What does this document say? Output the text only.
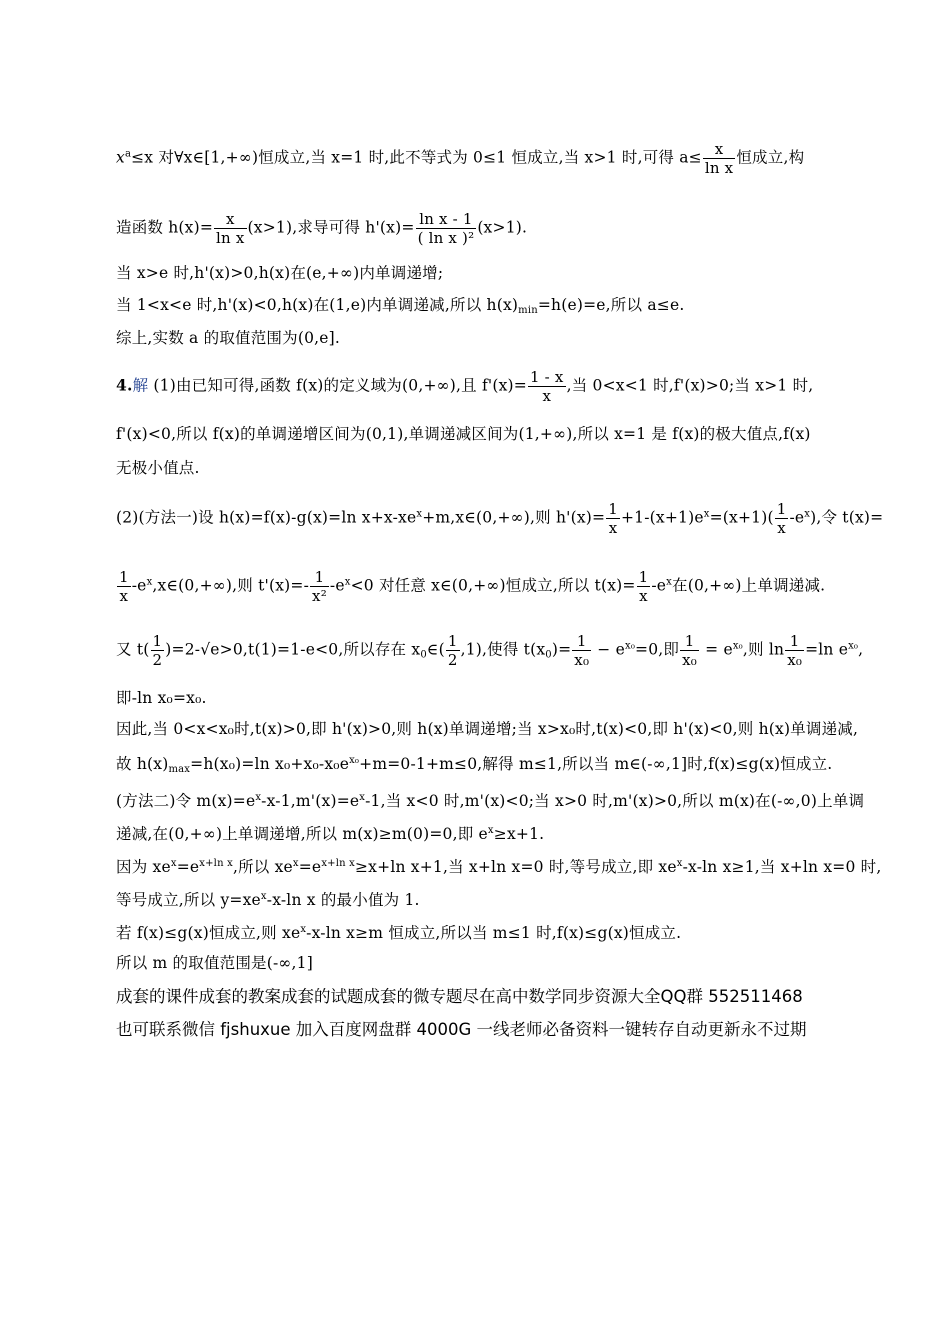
$x^a\le x$ 对∀x∈[1,+∞)恒成立,当 x=1 时,此不等式为 0≤1 恒成立,当 x>1 时,可得 $a\le \frac{x}{\text{ln x}}$ 恒成立,构
造函数 $h(x)= \frac{x}{\text{ln x}} (x>1)$,求导可得 $h'(x)= \frac{\text{ln x - 1}}{\text{( ln x )²}} (x>1)$.
当 x>e 时,h'(x)>0,h(x)在(e,+∞)内单调递增;
当 1<x<e 时,h'(x)<0,h(x)在(1,e)内单调递减,所以 $h(x)_{min}=h(e)=e$,所以 a≤e.
综上,实数 a 的取值范围为(0,e].
4.解 (1)由已知可得,函数 f(x)的定义域为(0,+∞),且 $f'(x)= \frac{1 - x}{x}$ ,当 0<x<1 时,f'(x)>0;当 x>1 时,
f'(x)<0,所以 f(x)的单调递增区间为(0,1),单调递减区间为(1,+∞),所以 x=1 是 f(x)的极大值点,f(x)
无极小值点.
(2)(方法一)设 h(x)=f(x)-g(x)=ln $x+x-xe^x+m,x\in(0,+\infty)$,则 $h'(x)= \frac{1}{x} +1-(x+1)e^x=(x+1)( \frac{1}{x} -e^x)$,令 t(x)=
$\frac{1}{x}$ $-e^x,x\in(0,+\infty)$,则 $t'(x)=- \frac{1}{\text{x²}} -e^x<0$ 对任意 x∈(0,+∞)恒成立,所以 $t(x)= \frac{1}{x} -e^x$在(0,+∞)上单调递减.
又 $t( \frac{1}{2} )=2-√e>0,t(1)=1-e<0$,所以存在 $x_0\in( \frac{1}{2} ,1)$,使得 $t(x_0)= \frac{1}{\text{x₀}} - e^{x_0}=0$,即 $\frac{1}{\text{x₀}} = e^{x_0}$,则 $\ln \frac{1}{\text{x₀}} =\ln$ $e^{x_0}$,
即-ln x₀=x₀.
因此,当 0<x<x₀时,t(x)>0,即 h'(x)>0,则 h(x)单调递增;当 x>x₀时,t(x)<0,即 h'(x)<0,则 h(x)单调递减,
故 $h(x)_{max}=h(x_0)=\ln$ $x_0+x_0-x_0e^{x_0}+m=0-1+m\le 0$,解得 m≤1,所以当 m∈(-∞,1]时,f(x)≤g(x)恒成立.
(方法二)令 $m(x)=e^x-x-1,m'(x)=e^x-1$,当 x<0 时,m'(x)<0;当 x>0 时,m'(x)>0,所以 m(x)在(-∞,0)上单调
递减,在(0,+∞)上单调递增,所以 m(x)≥m(0)=0,即 $e^x\ge x+1$.
因为 $xe^x=e^{x+ln x}$,所以 $xe^x=e^{x+ln x}\ge x+\ln$ x+1,当 x+ln x=0 时,等号成立,即 $xe^x-x-\ln$ x≥1,当 x+ln x=0 时,
等号成立,所以 $y=xe^x-x-\ln$ x 的最小值为 1.
若 f(x)≤g(x)恒成立,则 $xe^x-x-\ln$ x≥m 恒成立,所以当 m≤1 时,f(x)≤g(x)恒成立.
所以 m 的取值范围是(-∞,1]
成套的课件成套的教案成套的试题成套的微专题尽在高中数学同步资源大全QQ群 552511468
也可联系微信 fjshuxue 加入百度网盘群 4000G 一线老师必备资料一键转存自动更新永不过期
